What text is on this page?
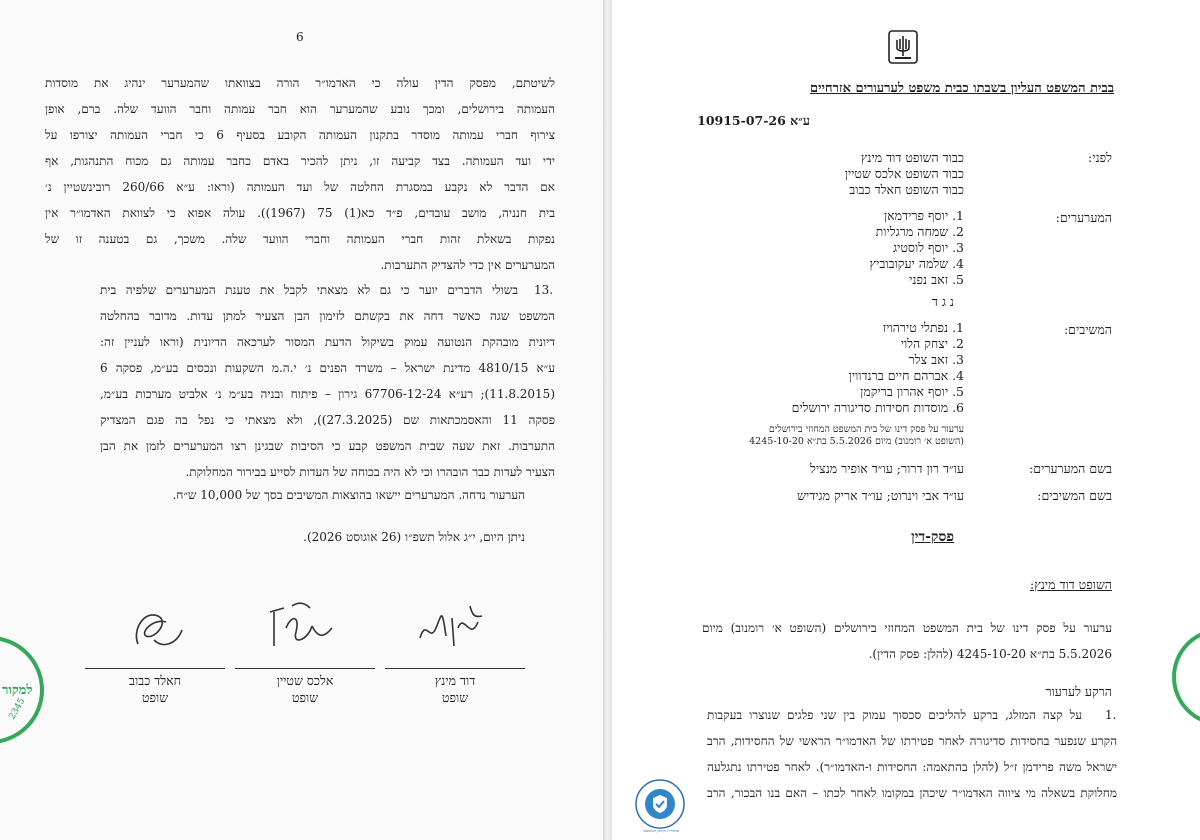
6
לשיטתם, מפסק הדין עולה כי האדמו״ר הורה בצוואתו שהמערער ינהיג את מוסדות
העמותה בירושלים, ומכך נובע שהמערער הוא חבר עמותה וחבר הוועד שלה. ברם, אופן
צירוף חברי עמותה מוסדר בתקנון העמותה הקובע בסעיף 6 כי חברי העמותה יצורפו על
ידי ועד העמותה. בצד קביעה זו, ניתן להכיר באדם כחבר עמותה גם מכוח התנהגות, אף
אם הדבר לא נקבע במסגרת החלטה של ועד העמותה (וראו: ע״א 260/66 רובינשטיין נ׳
בית חנניה, מושב עובדים, פ״ד כא(1) 75 (1967)). עולה אפוא כי לצוואת האדמו״ר אין
נפקות בשאלת זהות חברי העמותה וחברי הוועד שלה. משכך, גם בטענה זו של
המערערים אין כדי להצדיק התערבות.
13.
בשולי הדברים יוער כי גם לא מצאתי לקבל את טענת המערערים שלפיה בית
המשפט שגה כאשר דחה את בקשתם לזימון הבן הצעיר למתן עדות. מדובר בהחלטה
דיונית מובהקת הנטועה עמוק בשיקול הדעת המסור לערכאה הדיונית (וראו לעניין זה:
ע״א 4810/15 מדינת ישראל – משרד הפנים נ׳ י.ה.מ השקעות ונכסים בע״מ, פסקה 6
(11.8.2015); רע״א 67706-12-24 גירון – פיתוח ובניה בע״מ נ׳ אלביט מערכות בע״מ,
פסקה 11 והאסמכתאות שם (27.3.2025)), ולא מצאתי כי נפל בה פגם המצדיק
התערבות. זאת שעה שבית המשפט קבע כי הסיבות שבגינן רצו המערערים לזמן את הבן
הצעיר לעדות כבר הובהרו וכי לא היה בכוחה של העדות לסייע בבירור המחלוקת.
הערעור נדחה. המערערים יישאו בהוצאות המשיבים בסך של 10,000 ש״ח.
ניתן היום, י״ג אלול תשפ״ו (26 אוגוסט 2026).
דוד מינץ
שופט
אלכס שטיין
שופט
חאלד כבוב
שופט
למקור
2345
בבית המשפט העליון בשבתו כבית משפט לערעורים אזרחיים
ע״א 10915-07-26
לפני:
כבוד השופט דוד מינץ
כבוד השופט אלכס שטיין
כבוד השופט חאלד כבוב
המערערים:
1. יוסף פרידמאן
2. שמחה מרגליות
3. יוסף לוסטיג
4. שלמה יעקובוביץ
5. זאב נפני
נ ג ד
המשיבים:
1. נפתלי טירהויז
2. יצחק הלוי
3. זאב צלר
4. אברהם חיים ברנדווין
5. יוסף אהרון בריקמן
6. מוסדות חסידות סדיגורה ירושלים
ערעור על פסק דינו של בית המשפט המחוזי בירושלים
(השופט א׳ רומנוב) מיום 5.5.2026 בת״א 4245-10-20
בשם המערערים:
עו״ד רון דרור; עו״ד אופיר מנציל
בשם המשיבים:
עו״ד אבי וינרוט; עו״ד אריק מגידיש
פסק-דין
השופט דוד מינץ:
ערעור על פסק דינו של בית המשפט המחוזי בירושלים (השופט א׳ רומנוב) מיום
5.5.2026 בת״א 4245-10-20 (להלן: פסק הדין).
הרקע לערעור
1.
על קצה המזלג, ברקע להליכים סכסוך עמוק בין שני פלגים שנוצרו בעקבות
הקרע שנפער בחסידות סדיגורה לאחר פטירתו של האדמו״ר הראשי של החסידות, הרב
ישראל משה פרידמן ז״ל (להלן בהתאמה: החסידות ו-האדמו״ר). לאחר פטירתו נתגלעה
מחלוקת בשאלה מי ציווה האדמו״ר שיכהן במקומו לאחר לכתו – האם בנו הבכור, הרב
מהדורת התוכן המשפטי
